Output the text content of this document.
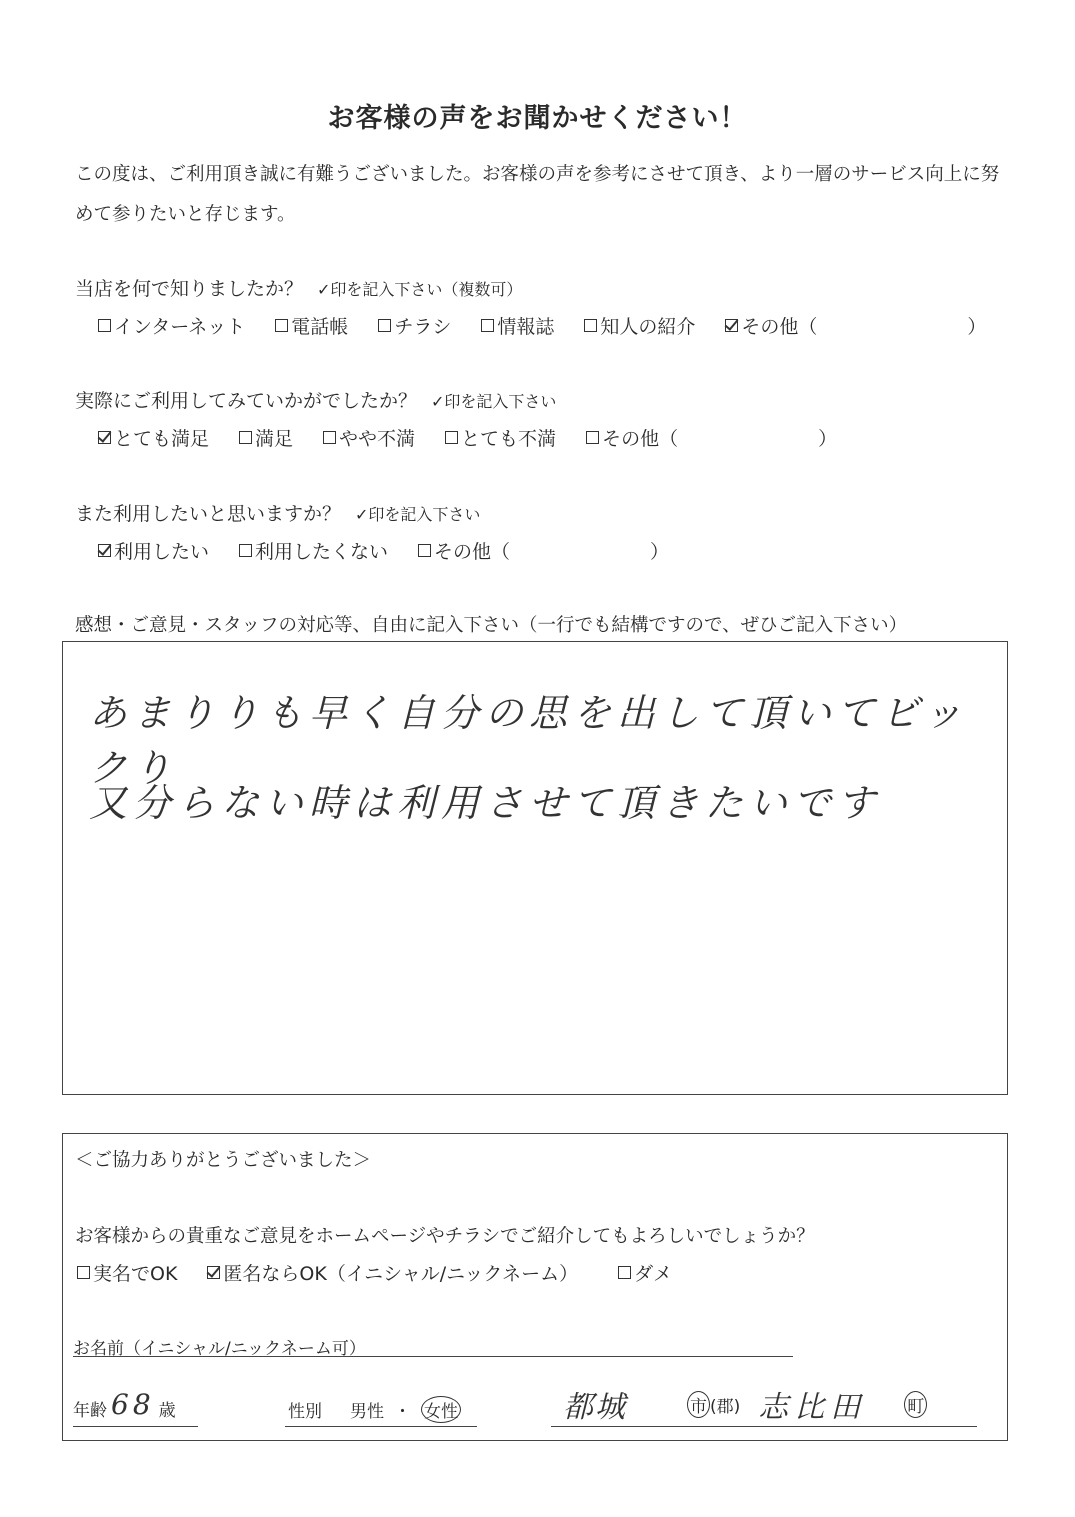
お客様の声をお聞かせください！
この度は、ご利用頂き誠に有難うございました。お客様の声を参考にさせて頂き、より一層のサービス向上に努
めて参りたいと存じます。
当店を何で知りましたか？ ✓印を記入下さい（複数可）
インターネット 電話帳 チラシ 情報誌 知人の紹介 その他（	）
実際にご利用してみていかがでしたか？ ✓印を記入下さい
とても満足 満足 やや不満 とても不満 その他（	）
また利用したいと思いますか？ ✓印を記入下さい
利用したい 利用したくない その他（	）
感想・ご意見・スタッフの対応等、自由に記入下さい（一行でも結構ですので、ぜひご記入下さい）
あまりりも早く自分の思を出して頂いてビックり
又分らない時は利用させて頂きたいです
＜ご協力ありがとうございました＞
お客様からの貴重なご意見をホームページやチラシでご紹介してもよろしいでしょうか？
実名でOK 匿名ならOK（イニシャル/ニックネーム）	ダメ
お名前（イニシャル/ニックネーム可）
年齢 68 歳	性別 男性 ・ 女性	都城	市 (郡) 志比田 町
